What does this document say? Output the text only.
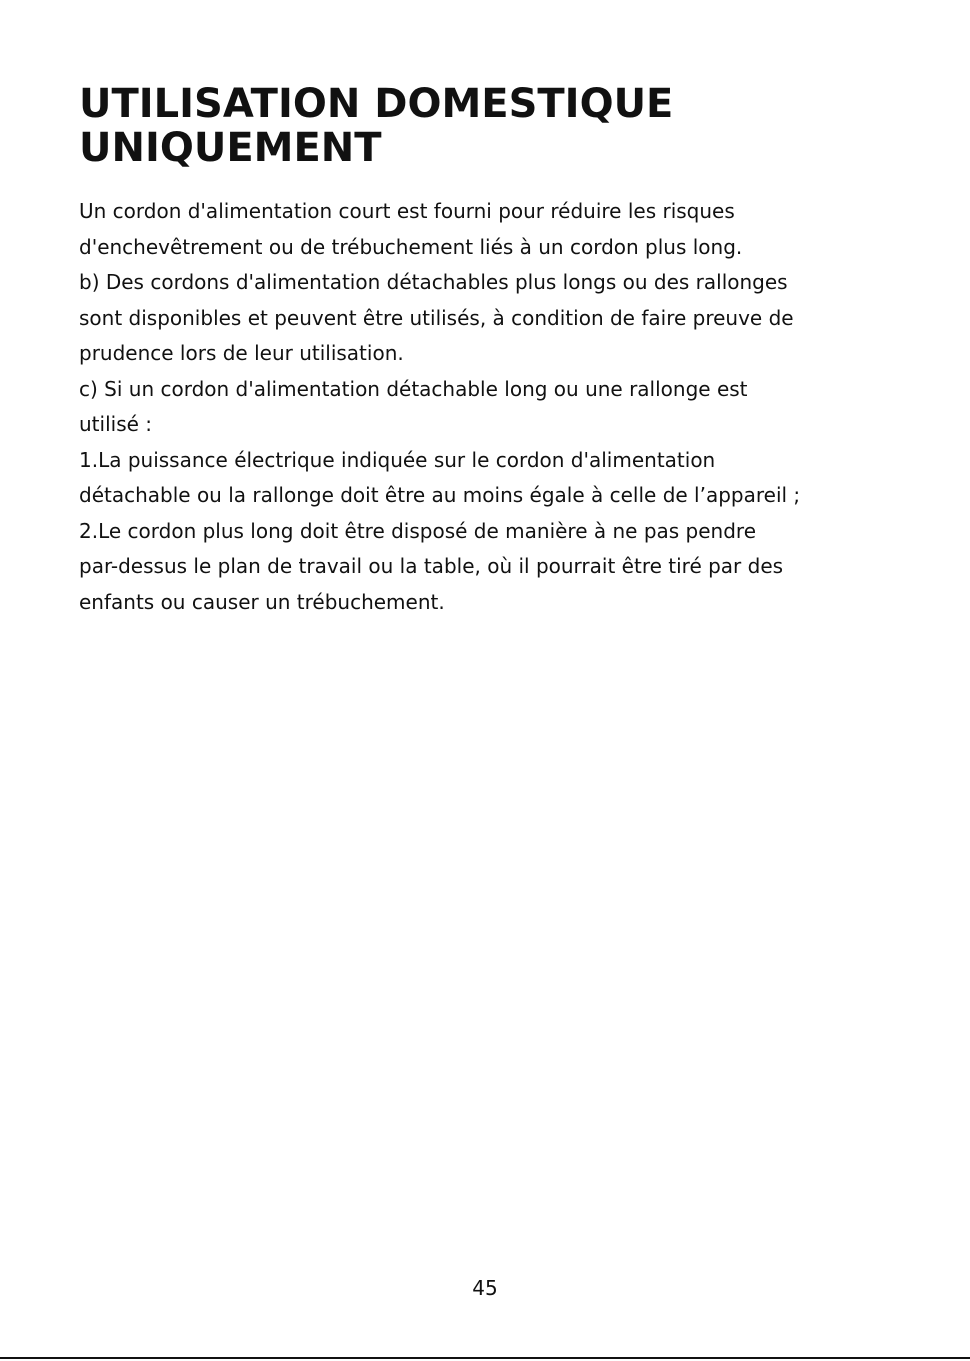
UTILISATION DOMESTIQUE
UNIQUEMENT
Un cordon d'alimentation court est fourni pour réduire les risques
d'enchevêtrement ou de trébuchement liés à un cordon plus long.
b) Des cordons d'alimentation détachables plus longs ou des rallonges
sont disponibles et peuvent être utilisés, à condition de faire preuve de
prudence lors de leur utilisation.
c) Si un cordon d'alimentation détachable long ou une rallonge est
utilisé :
1.La puissance électrique indiquée sur le cordon d'alimentation
détachable ou la rallonge doit être au moins égale à celle de l’appareil ;
2.Le cordon plus long doit être disposé de manière à ne pas pendre
par-dessus le plan de travail ou la table, où il pourrait être tiré par des
enfants ou causer un trébuchement.
45
